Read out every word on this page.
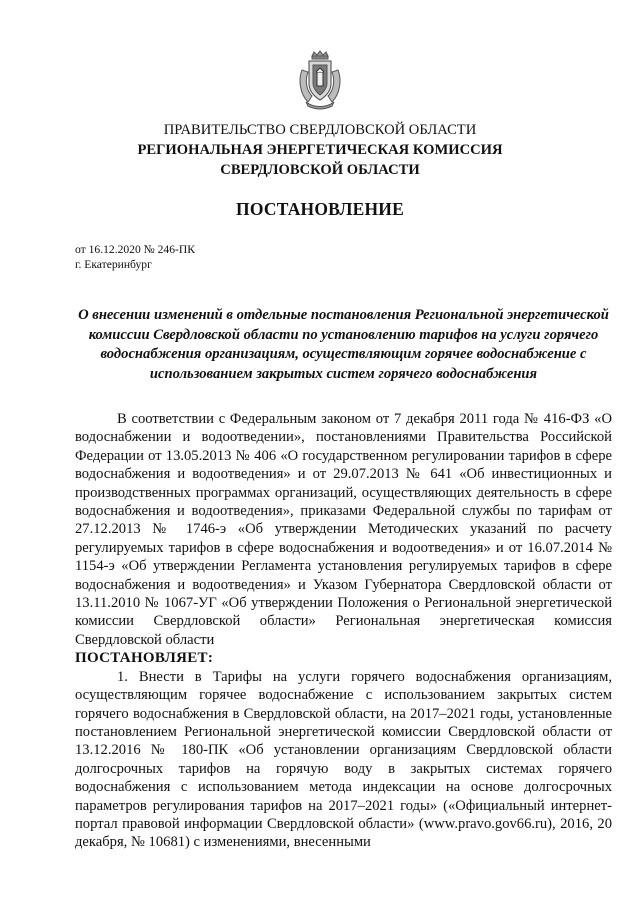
ПРАВИТЕЛЬСТВО СВЕРДЛОВСКОЙ ОБЛАСТИ
РЕГИОНАЛЬНАЯ ЭНЕРГЕТИЧЕСКАЯ КОМИССИЯ
СВЕРДЛОВСКОЙ ОБЛАСТИ
ПОСТАНОВЛЕНИЕ
от 16.12.2020 № 246-ПК
г. Екатеринбург
О внесении изменений в отдельные постановления Региональной энергетической комиссии Свердловской области по установлению тарифов на услуги горячего водоснабжения организациям, осуществляющим горячее водоснабжение с использованием закрытых систем горячего водоснабжения

В соответствии с Федеральным законом от 7 декабря 2011 года № 416-ФЗ «О водоснабжении и водоотведении», постановлениями Правительства Российской Федерации от 13.05.2013 № 406 «О государственном регулировании тарифов в сфере водоснабжения и водоотведения» и от 29.07.2013 № 641 «Об инвестиционных и производственных программах организаций, осуществляющих деятельность в сфере водоснабжения и водоотведения», приказами Федеральной службы по тарифам от 27.12.2013 № 1746-э «Об утверждении Методических указаний по расчету регулируемых тарифов в сфере водоснабжения и водоотведения» и от 16.07.2014 № 1154-э «Об утверждении Регламента установления регулируемых тарифов в сфере водоснабжения и водоотведения» и Указом Губернатора Свердловской области от 13.11.2010 № 1067-УГ «Об утверждении Положения о Региональной энергетической комиссии Свердловской области» Региональная энергетическая комиссия Свердловской области

ПОСТАНОВЛЯЕТ:

1. Внести в Тарифы на услуги горячего водоснабжения организациям, осуществляющим горячее водоснабжение с использованием закрытых систем горячего водоснабжения в Свердловской области, на 2017–2021 годы, установленные постановлением Региональной энергетической комиссии Свердловской области от 13.12.2016 № 180-ПК «Об установлении организациям Свердловской области долгосрочных тарифов на горячую воду в закрытых системах горячего водоснабжения с использованием метода индексации на основе долгосрочных параметров регулирования тарифов на 2017–2021 годы» («Официальный интернет-портал правовой информации Свердловской области» (www.pravo.gov66.ru), 2016, 20 декабря, № 10681) с изменениями, внесенными
